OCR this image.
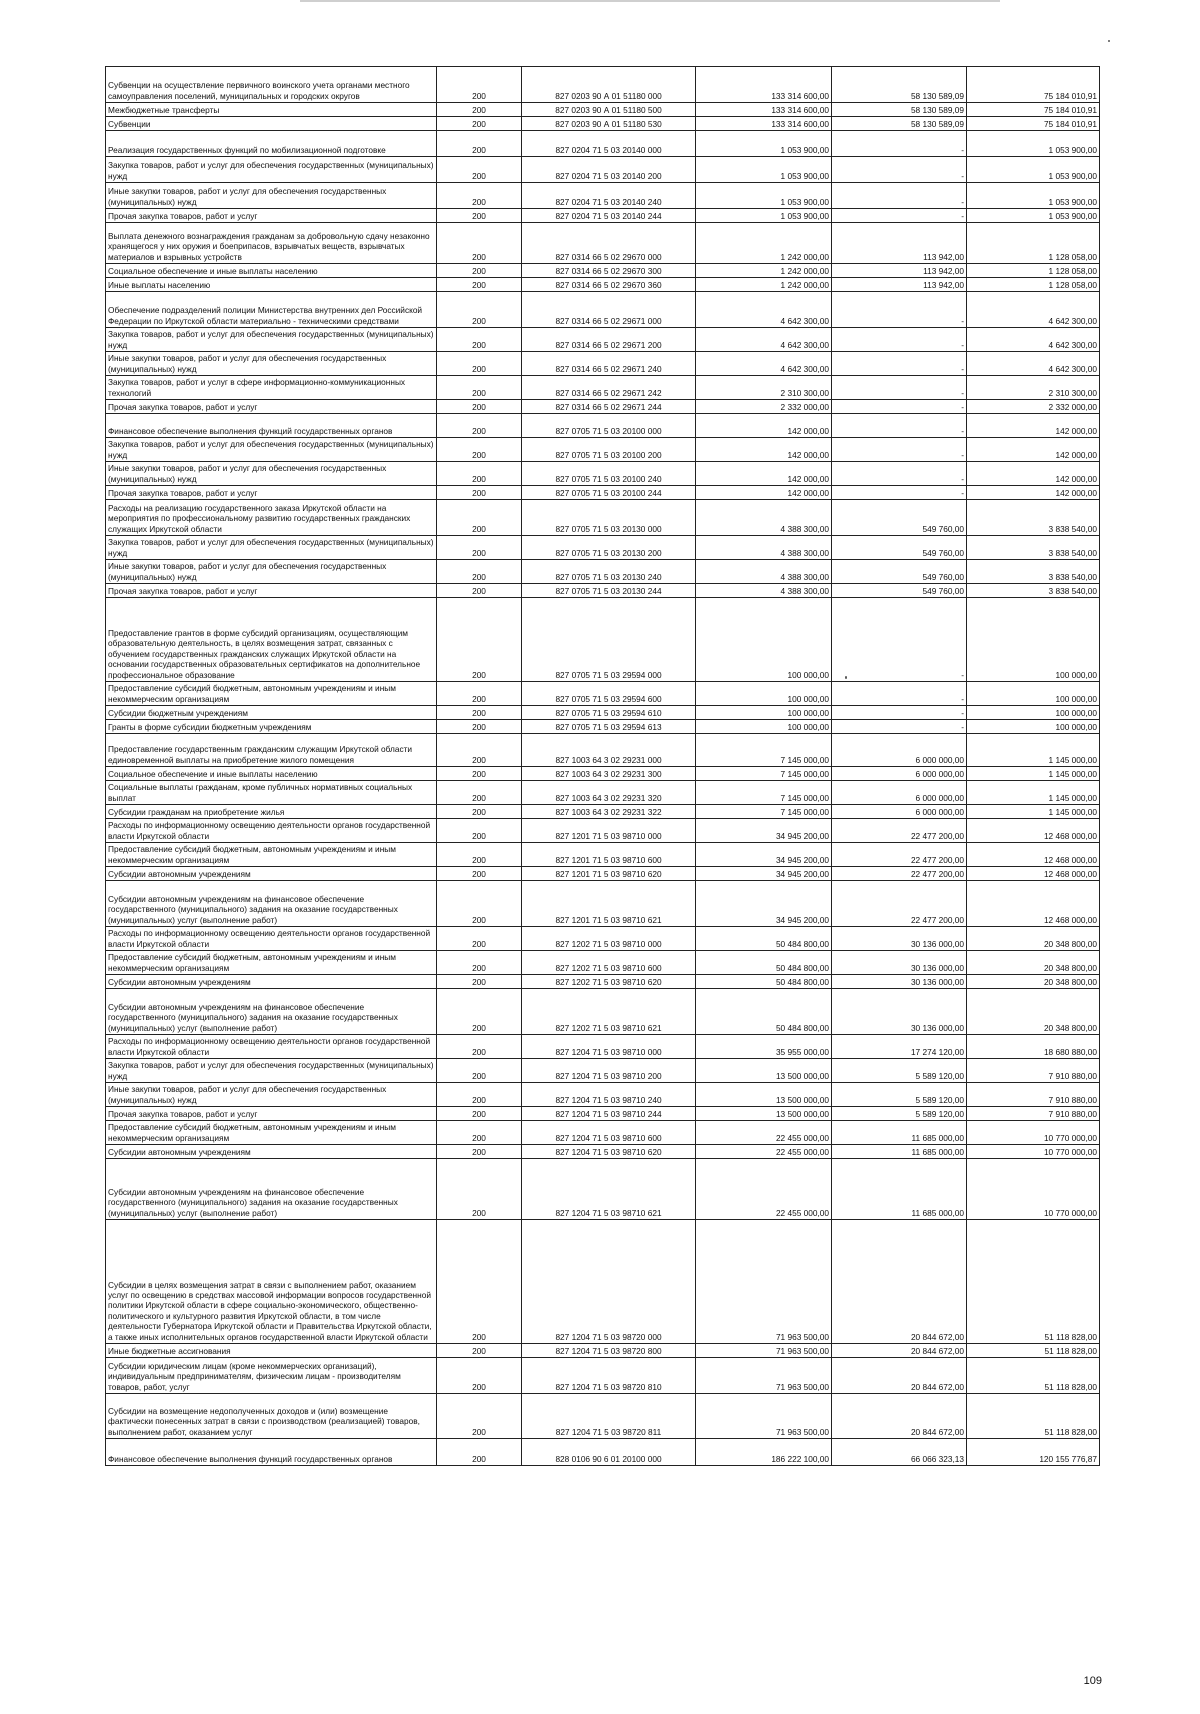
Субвенции на осуществление первичного воинского учета органами местного самоуправления поселений, муниципальных и городских округов	200	827 0203 90 А 01 51180 000	133 314 600,00	58 130 589,09	75 184 010,91
Межбюджетные трансферты	200	827 0203 90 А 01 51180 500	133 314 600,00	58 130 589,09	75 184 010,91
Субвенции	200	827 0203 90 А 01 51180 530	133 314 600,00	58 130 589,09	75 184 010,91
Реализация государственных функций по мобилизационной подготовке	200	827 0204 71 5 03 20140 000	1 053 900,00	-	1 053 900,00
Закупка товаров, работ и услуг для обеспечения государственных (муниципальных) нужд	200	827 0204 71 5 03 20140 200	1 053 900,00	-	1 053 900,00
Иные закупки товаров, работ и услуг для обеспечения государственных (муниципальных) нужд	200	827 0204 71 5 03 20140 240	1 053 900,00	-	1 053 900,00
Прочая закупка товаров, работ и услуг	200	827 0204 71 5 03 20140 244	1 053 900,00	-	1 053 900,00
Выплата денежного вознаграждения гражданам за добровольную сдачу незаконно хранящегося у них оружия и боеприпасов, взрывчатых веществ, взрывчатых материалов и взрывных устройств	200	827 0314 66 5 02 29670 000	1 242 000,00	113 942,00	1 128 058,00
Социальное обеспечение и иные выплаты населению	200	827 0314 66 5 02 29670 300	1 242 000,00	113 942,00	1 128 058,00
Иные выплаты населению	200	827 0314 66 5 02 29670 360	1 242 000,00	113 942,00	1 128 058,00
Обеспечение подразделений полиции Министерства внутренних дел Российской Федерации по Иркутской области материально - техническими средствами	200	827 0314 66 5 02 29671 000	4 642 300,00	-	4 642 300,00
Закупка товаров, работ и услуг для обеспечения государственных (муниципальных) нужд	200	827 0314 66 5 02 29671 200	4 642 300,00	-	4 642 300,00
Иные закупки товаров, работ и услуг для обеспечения государственных (муниципальных) нужд	200	827 0314 66 5 02 29671 240	4 642 300,00	-	4 642 300,00
Закупка товаров, работ и услуг в сфере информационно-коммуникационных технологий	200	827 0314 66 5 02 29671 242	2 310 300,00	-	2 310 300,00
Прочая закупка товаров, работ и услуг	200	827 0314 66 5 02 29671 244	2 332 000,00	-	2 332 000,00
Финансовое обеспечение выполнения функций государственных органов	200	827 0705 71 5 03 20100 000	142 000,00	-	142 000,00
Закупка товаров, работ и услуг для обеспечения государственных (муниципальных) нужд	200	827 0705 71 5 03 20100 200	142 000,00	-	142 000,00
Иные закупки товаров, работ и услуг для обеспечения государственных (муниципальных) нужд	200	827 0705 71 5 03 20100 240	142 000,00	-	142 000,00
Прочая закупка товаров, работ и услуг	200	827 0705 71 5 03 20100 244	142 000,00	-	142 000,00
Расходы на реализацию государственного заказа Иркутской области на мероприятия по профессиональному развитию государственных гражданских служащих Иркутской области	200	827 0705 71 5 03 20130 000	4 388 300,00	549 760,00	3 838 540,00
Закупка товаров, работ и услуг для обеспечения государственных (муниципальных) нужд	200	827 0705 71 5 03 20130 200	4 388 300,00	549 760,00	3 838 540,00
Иные закупки товаров, работ и услуг для обеспечения государственных (муниципальных) нужд	200	827 0705 71 5 03 20130 240	4 388 300,00	549 760,00	3 838 540,00
Прочая закупка товаров, работ и услуг	200	827 0705 71 5 03 20130 244	4 388 300,00	549 760,00	3 838 540,00
Предоставление грантов в форме субсидий организациям, осуществляющим образовательную деятельность, в целях возмещения затрат, связанных с обучением государственных гражданских служащих Иркутской области на основании государственных образовательных сертификатов на дополнительное профессиональное образование	200	827 0705 71 5 03 29594 000	100 000,00	-	100 000,00
Предоставление субсидий бюджетным, автономным учреждениям и иным некоммерческим организациям	200	827 0705 71 5 03 29594 600	100 000,00	-	100 000,00
Субсидии бюджетным учреждениям	200	827 0705 71 5 03 29594 610	100 000,00	-	100 000,00
Гранты в форме субсидии бюджетным учреждениям	200	827 0705 71 5 03 29594 613	100 000,00	-	100 000,00
Предоставление государственным гражданским служащим Иркутской области единовременной выплаты на приобретение жилого помещения	200	827 1003 64 3 02 29231 000	7 145 000,00	6 000 000,00	1 145 000,00
Социальное обеспечение и иные выплаты населению	200	827 1003 64 3 02 29231 300	7 145 000,00	6 000 000,00	1 145 000,00
Социальные выплаты гражданам, кроме публичных нормативных социальных выплат	200	827 1003 64 3 02 29231 320	7 145 000,00	6 000 000,00	1 145 000,00
Субсидии гражданам на приобретение жилья	200	827 1003 64 3 02 29231 322	7 145 000,00	6 000 000,00	1 145 000,00
Расходы по информационному освещению деятельности органов государственной власти Иркутской области	200	827 1201 71 5 03 98710 000	34 945 200,00	22 477 200,00	12 468 000,00
Предоставление субсидий бюджетным, автономным учреждениям и иным некоммерческим организациям	200	827 1201 71 5 03 98710 600	34 945 200,00	22 477 200,00	12 468 000,00
Субсидии автономным учреждениям	200	827 1201 71 5 03 98710 620	34 945 200,00	22 477 200,00	12 468 000,00
Субсидии автономным учреждениям на финансовое обеспечение государственного (муниципального) задания на оказание государственных (муниципальных) услуг (выполнение работ)	200	827 1201 71 5 03 98710 621	34 945 200,00	22 477 200,00	12 468 000,00
Расходы по информационному освещению деятельности органов государственной власти Иркутской области	200	827 1202 71 5 03 98710 000	50 484 800,00	30 136 000,00	20 348 800,00
Предоставление субсидий бюджетным, автономным учреждениям и иным некоммерческим организациям	200	827 1202 71 5 03 98710 600	50 484 800,00	30 136 000,00	20 348 800,00
Субсидии автономным учреждениям	200	827 1202 71 5 03 98710 620	50 484 800,00	30 136 000,00	20 348 800,00
Субсидии автономным учреждениям на финансовое обеспечение государственного (муниципального) задания на оказание государственных (муниципальных) услуг (выполнение работ)	200	827 1202 71 5 03 98710 621	50 484 800,00	30 136 000,00	20 348 800,00
Расходы по информационному освещению деятельности органов государственной власти Иркутской области	200	827 1204 71 5 03 98710 000	35 955 000,00	17 274 120,00	18 680 880,00
Закупка товаров, работ и услуг для обеспечения государственных (муниципальных) нужд	200	827 1204 71 5 03 98710 200	13 500 000,00	5 589 120,00	7 910 880,00
Иные закупки товаров, работ и услуг для обеспечения государственных (муниципальных) нужд	200	827 1204 71 5 03 98710 240	13 500 000,00	5 589 120,00	7 910 880,00
Прочая закупка товаров, работ и услуг	200	827 1204 71 5 03 98710 244	13 500 000,00	5 589 120,00	7 910 880,00
Предоставление субсидий бюджетным, автономным учреждениям и иным некоммерческим организациям	200	827 1204 71 5 03 98710 600	22 455 000,00	11 685 000,00	10 770 000,00
Субсидии автономным учреждениям	200	827 1204 71 5 03 98710 620	22 455 000,00	11 685 000,00	10 770 000,00
Субсидии автономным учреждениям на финансовое обеспечение государственного (муниципального) задания на оказание государственных (муниципальных) услуг (выполнение работ)	200	827 1204 71 5 03 98710 621	22 455 000,00	11 685 000,00	10 770 000,00
Субсидии в целях возмещения затрат в связи с выполнением работ, оказанием услуг по освещению в средствах массовой информации вопросов государственной политики Иркутской области в сфере социально-экономического, общественно-политического и культурного развития Иркутской области, в том числе деятельности Губернатора Иркутской области и Правительства Иркутской области, а также иных исполнительных органов государственной власти Иркутской области	200	827 1204 71 5 03 98720 000	71 963 500,00	20 844 672,00	51 118 828,00
Иные бюджетные ассигнования	200	827 1204 71 5 03 98720 800	71 963 500,00	20 844 672,00	51 118 828,00
Субсидии юридическим лицам (кроме некоммерческих организаций), индивидуальным предпринимателям, физическим лицам - производителям товаров, работ, услуг	200	827 1204 71 5 03 98720 810	71 963 500,00	20 844 672,00	51 118 828,00
Субсидии на возмещение недополученных доходов и (или) возмещение фактически понесенных затрат в связи с производством (реализацией) товаров, выполнением работ, оказанием услуг	200	827 1204 71 5 03 98720 811	71 963 500,00	20 844 672,00	51 118 828,00
Финансовое обеспечение выполнения функций государственных органов	200	828 0106 90 6 01 20100 000	186 222 100,00	66 066 323,13	120 155 776,87
109
